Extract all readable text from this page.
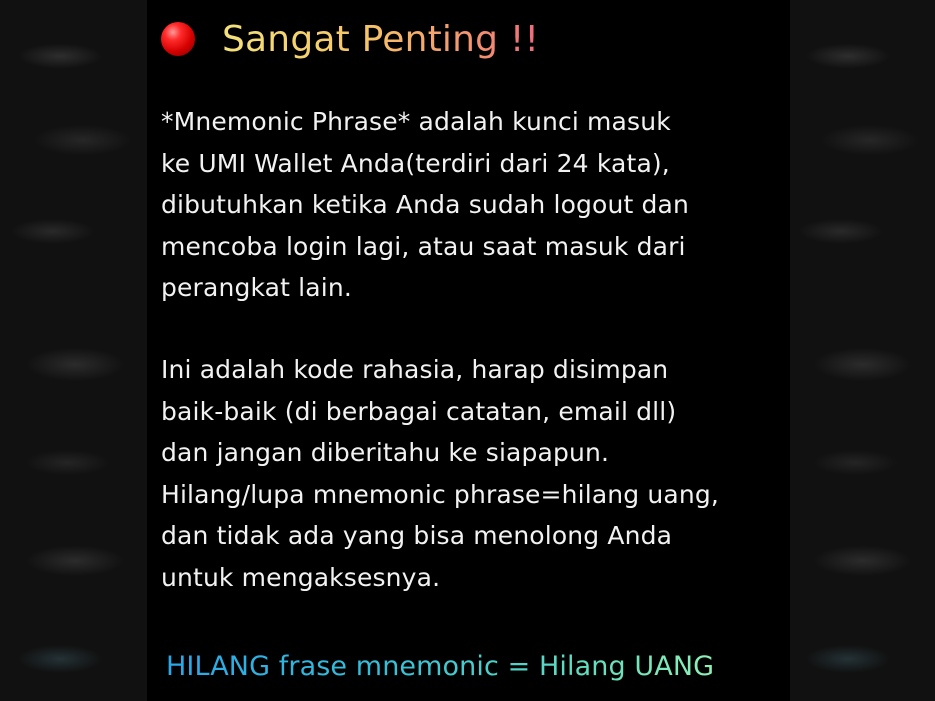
Sangat Penting !!

*Mnemonic Phrase* adalah kunci masuk
ke UMI Wallet Anda(terdiri dari 24 kata),
dibutuhkan ketika Anda sudah logout dan
mencoba login lagi, atau saat masuk dari
perangkat lain.

Ini adalah kode rahasia, harap disimpan
baik-baik (di berbagai catatan, email dll)
dan jangan diberitahu ke siapapun.
Hilang/lupa mnemonic phrase=hilang uang,
dan tidak ada yang bisa menolong Anda
untuk mengaksesnya.

HILANG frase mnemonic = Hilang UANG
